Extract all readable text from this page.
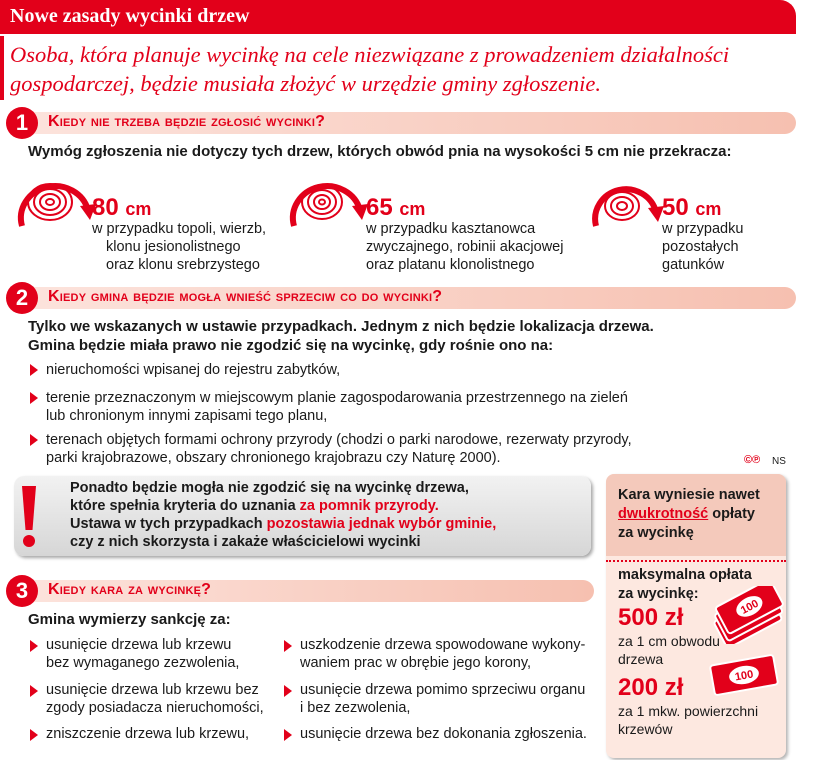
Nowe zasady wycinki drzew
Osoba, która planuje wycinkę na cele niezwiązane z prowadzeniem działalności gospodarczej, będzie musiała złożyć w urzędzie gminy zgłoszenie.
1	Kiedy nie trzeba będzie zgłosić wycinki?
Wymóg zgłoszenia nie dotyczy tych drzew, których obwód pnia na wysokości 5 cm nie przekracza:
80 cm
w przypadku topoli, wierzb,
klonu jesionolistnego
oraz klonu srebrzystego
65 cm
w przypadku kasztanowca
zwyczajnego, robinii akacjowej
oraz platanu klonolistnego
50 cm
w przypadku
pozostałych
gatunków
2	Kiedy gmina będzie mogła wnieść sprzeciw co do wycinki?
Tylko we wskazanych w ustawie przypadkach. Jednym z nich będzie lokalizacja drzewa.
Gmina będzie miała prawo nie zgodzić się na wycinkę, gdy rośnie ono na:
nieruchomości wpisanej do rejestru zabytków,
terenie przeznaczonym w miejscowym planie zagospodarowania przestrzennego na zieleń
lub chronionym innymi zapisami tego planu,
terenach objętych formami ochrony przyrody (chodzi o parki narodowe, rezerwaty przyrody,
parki krajobrazowe, obszary chronionego krajobrazu czy Naturę 2000).	©℗ NS
Ponadto będzie mogła nie zgodzić się na wycinkę drzewa,
które spełnia kryteria do uznania za pomnik przyrody.
Ustawa w tych przypadkach pozostawia jednak wybór gminie,
czy z nich skorzysta i zakaże właścicielowi wycinki
3	Kiedy kara za wycinkę?
Gmina wymierzy sankcję za:
usunięcie drzewa lub krzewu
bez wymaganego zezwolenia,
usunięcie drzewa lub krzewu bez
zgody posiadacza nieruchomości,
zniszczenie drzewa lub krzewu,
uszkodzenie drzewa spowodowane wykony-
waniem prac w obrębie jego korony,
usunięcie drzewa pomimo sprzeciwu organu
i bez zezwolenia,
usunięcie drzewa bez dokonania zgłoszenia.
Kara wyniesie nawet
dwukrotność opłaty
za wycinkę
maksymalna opłata
za wycinkę:
500 zł
za 1 cm obwodu
drzewa
100
200 zł
za 1 mkw. powierzchni
krzewów
100
